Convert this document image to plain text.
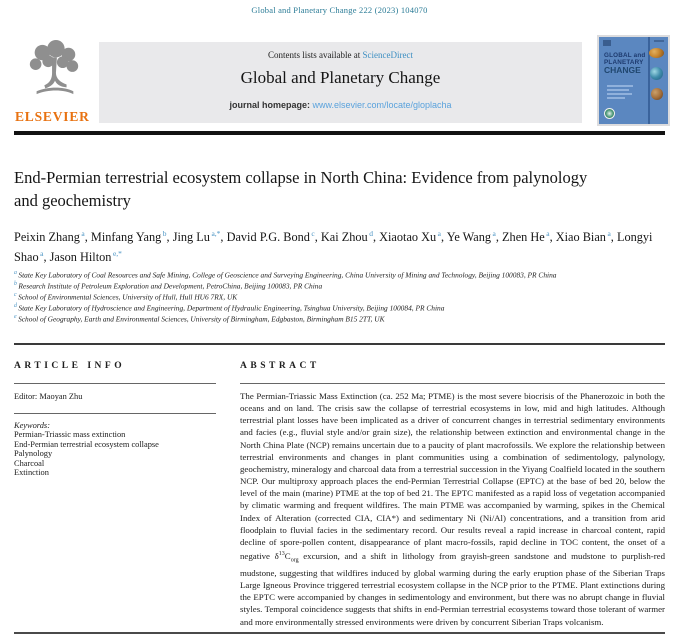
Global and Planetary Change 222 (2023) 104070
ELSEVIER
Contents lists available at ScienceDirect
Global and Planetary Change
journal homepage: www.elsevier.com/locate/gloplacha
GLOBAL and
PLANETARY
CHANGE
End-Permian terrestrial ecosystem collapse in North China: Evidence from palynology and geochemistry
Peixin Zhang $^a$, Minfang Yang $^b$, Jing Lu $^{a,*}$, David P.G. Bond $^c$, Kai Zhou $^d$, Xiaotao Xu $^a$, Ye Wang $^a$, Zhen He $^a$, Xiao Bian $^a$, Longyi Shao $^a$, Jason Hilton $^{e,*}$
$^a$ State Key Laboratory of Coal Resources and Safe Mining, College of Geoscience and Surveying Engineering, China University of Mining and Technology, Beijing 100083, PR China
$^b$ Research Institute of Petroleum Exploration and Development, PetroChina, Beijing 100083, PR China
$^c$ School of Environmental Sciences, University of Hull, Hull HU6 7RX, UK
$^d$ State Key Laboratory of Hydroscience and Engineering, Department of Hydraulic Engineering, Tsinghua University, Beijing 100084, PR China
$^e$ School of Geography, Earth and Environmental Sciences, University of Birmingham, Edgbaston, Birmingham B15 2TT, UK
ARTICLE INFO
Editor: Maoyan Zhu
Keywords:
Permian-Triassic mass extinction
End-Permian terrestrial ecosystem collapse
Palynology
Charcoal
Extinction
ABSTRACT

The Permian-Triassic Mass Extinction (ca. 252 Ma; PTME) is the most severe biocrisis of the Phanerozoic in both the oceans and on land. The crisis saw the collapse of terrestrial ecosystems in low, mid and high latitudes. Although terrestrial plant losses have been implicated as a driver of concurrent changes in terrestrial sedimentary environments and facies (e.g., fluvial style and/or grain size), the relationship between extinction and environmental change in the North China Plate (NCP) remains uncertain due to a paucity of plant macrofossils. We explore the relationship between terrestrial environments and changes in plant communities using a combination of sedimentology, palynology, geochemistry, mineralogy and charcoal data from a terrestrial succession in the Yiyang Coalfield located in the southern NCP. Our multiproxy approach places the end-Permian Terrestrial Collapse (EPTC) at the base of bed 20, below the level of the main (marine) PTME at the top of bed 21. The EPTC manifested as a rapid loss of vegetation accompanied by climatic warming and frequent wildfires. The main PTME was accompanied by warming, spikes in the Chemical Index of Alteration (corrected CIA, CIA*) and sedimentary Ni (Ni/Al) concentrations, and a transition from arid floodplain to fluvial facies in the sedimentary record. Our results reveal a rapid increase in charcoal content, rapid decline of spore-pollen content, disappearance of plant macro-fossils, rapid decline in TOC content, the onset of a negative $\delta^{13}C_{org}$ excursion, and a shift in lithology from grayish-green sandstone and mudstone to purplish-red mudstone, suggesting that wildfires induced by global warming during the early eruption phase of the Siberian Traps Large Igneous Province triggered terrestrial ecosystem collapse in the NCP prior to the PTME. Plant extinctions during the EPTC were accompanied by changes in sedimentology and environment, but there was no abrupt change in fluvial styles. Temporal coincidence suggests that shifts in end-Permian terrestrial ecosystems toward those tolerant of warmer and more environmentally stressed environments were driven by concurrent Siberian Traps volcanism.
